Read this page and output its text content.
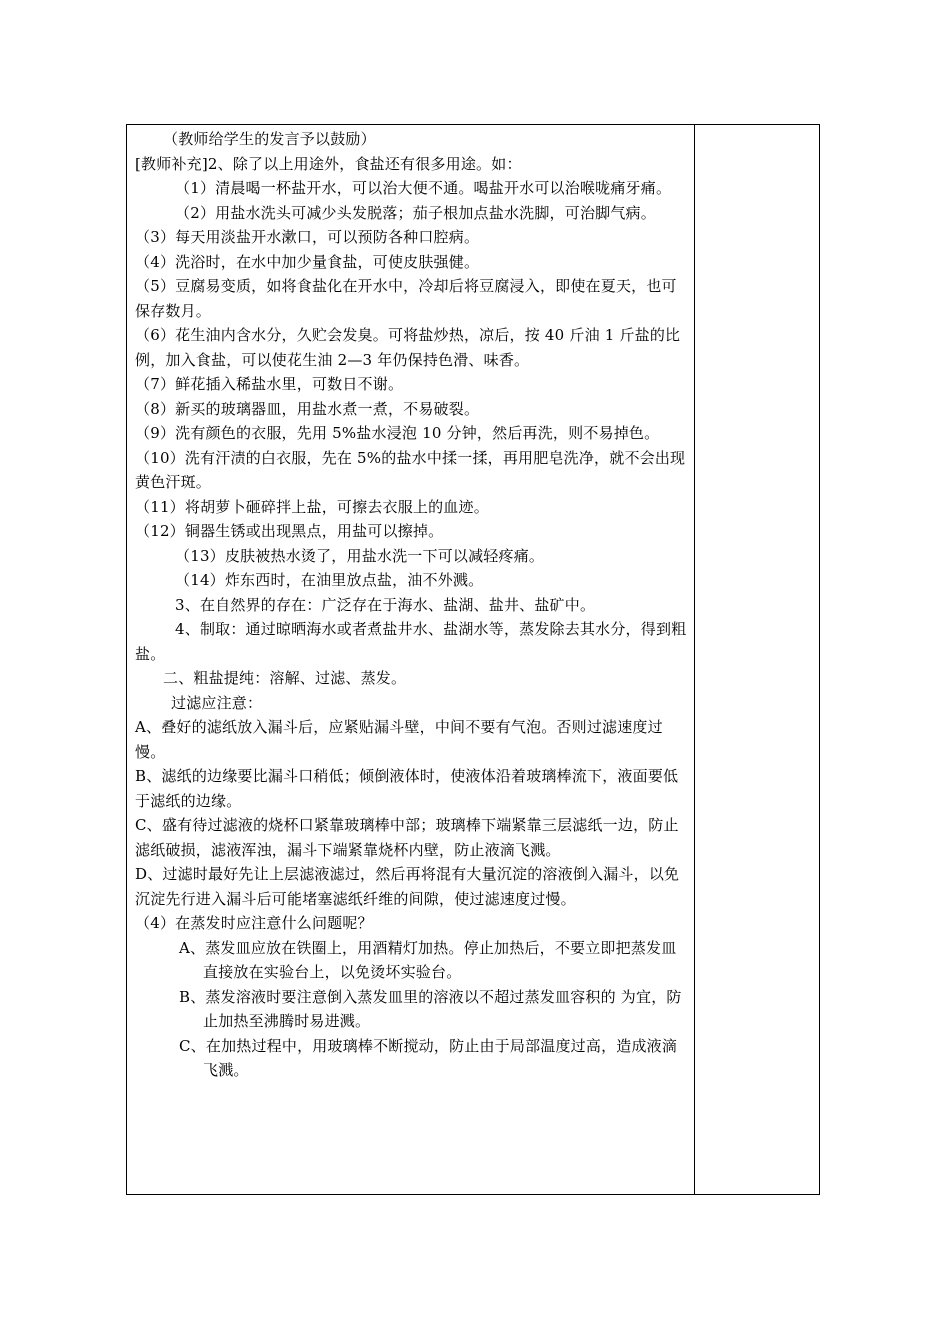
（教师给学生的发言予以鼓励）

[教师补充]2、除了以上用途外，食盐还有很多用途。如：

（1）清晨喝一杯盐开水，可以治大便不通。喝盐开水可以治喉咙痛牙痛。

（2）用盐水洗头可减少头发脱落；茄子根加点盐水洗脚，可治脚气病。

（3）每天用淡盐开水漱口，可以预防各种口腔病。

（4）洗浴时，在水中加少量食盐，可使皮肤强健。

（5）豆腐易变质，如将食盐化在开水中，冷却后将豆腐浸入，即使在夏天，也可保存数月。

（6）花生油内含水分，久贮会发臭。可将盐炒热，凉后，按 40 斤油 1 斤盐的比例，加入食盐，可以使花生油 2—3 年仍保持色滑、味香。

（7）鲜花插入稀盐水里，可数日不谢。

（8）新买的玻璃器皿，用盐水煮一煮，不易破裂。

（9）洗有颜色的衣服，先用 5%盐水浸泡 10 分钟，然后再洗，则不易掉色。

（10）洗有汗渍的白衣服，先在 5%的盐水中揉一揉，再用肥皂洗净，就不会出现黄色汗斑。

（11）将胡萝卜砸碎拌上盐，可擦去衣服上的血迹。

（12）铜器生锈或出现黑点，用盐可以擦掉。

（13）皮肤被热水烫了，用盐水洗一下可以减轻疼痛。

（14）炸东西时，在油里放点盐，油不外溅。

3、在自然界的存在：广泛存在于海水、盐湖、盐井、盐矿中。

4、制取：通过晾晒海水或者煮盐井水、盐湖水等，蒸发除去其水分，得到粗盐。

二、粗盐提纯：溶解、过滤、蒸发。

过滤应注意：

A、叠好的滤纸放入漏斗后，应紧贴漏斗壁，中间不要有气泡。否则过滤速度过慢。

B、滤纸的边缘要比漏斗口稍低；倾倒液体时，使液体沿着玻璃棒流下，液面要低于滤纸的边缘。

C、盛有待过滤液的烧杯口紧靠玻璃棒中部；玻璃棒下端紧靠三层滤纸一边，防止滤纸破损，滤液浑浊，漏斗下端紧靠烧杯内壁，防止液滴飞溅。

D、过滤时最好先让上层滤液滤过，然后再将混有大量沉淀的溶液倒入漏斗，以免沉淀先行进入漏斗后可能堵塞滤纸纤维的间隙，使过滤速度过慢。

（4）在蒸发时应注意什么问题呢？

A、蒸发皿应放在铁圈上，用酒精灯加热。停止加热后，不要立即把蒸发皿直接放在实验台上，以免烫坏实验台。

B、蒸发溶液时要注意倒入蒸发皿里的溶液以不超过蒸发皿容积的 为宜，防止加热至沸腾时易进溅。

C、在加热过程中，用玻璃棒不断搅动，防止由于局部温度过高，造成液滴飞溅。
